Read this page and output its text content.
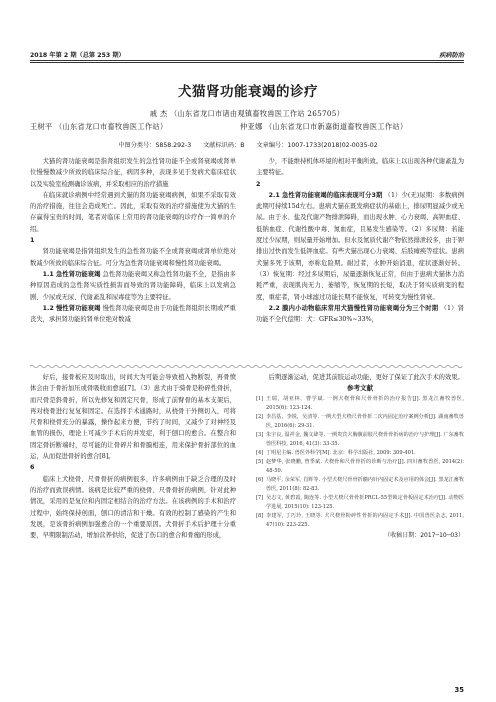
2018 年第 2 期（总第 253 期）	疾病防治
犬猫肾功能衰竭的诊疗
戚 杰 （山东省龙口市诸由观镇畜牧兽医工作站 265705）
王树平 （山东省龙口市畜牧兽医工作站）	仲亚娜 （山东省龙口市新嘉街道畜牧兽医工作站）
中图分类号：S858.292-3 文献标识码：B 文章编号：1007-1733(2018)02-0035-02

犬猫的肾功能衰竭是指肾组织发生的急性肾功能不全或肾衰竭或肾单位慢慢数减少所致的临床综合征，病因多种，表现多见于发病犬临床症状以及实验室检测确诊该病，并采取相应的治疗措施

在临床就诊病例中经常遇到犬猫的肾功能衰竭病例，如果不采取有效的治疗措施，往往会造成死亡。因此，采取有效的治疗措施使为犬猫的生存赢得宝贵的时间，笔者对临床上常用的肾功能衰竭的诊疗作一简单的介绍。

1

肾功能衰竭是指肾组织发生的急性肾功能不全或肾衰竭或肾单位绝对数减少所致的临床综合征。可分为急性肾功能衰竭和慢性肾功能衰竭。

1.1 急性肾功能衰竭 急性肾功能衰竭又称急性肾功能不全，是指由多种原因造成的急性肾实质性损害而导致的肾功能障碍，临床上以发病急剧、少尿或无尿、代谢紊乱和尿毒症等为主要特征。

1.2 慢性肾功能衰竭 慢性肾功能衰竭是由于功能性肾组织长期或严重丧失，承担肾功能的肾单位绝对数减

少，不能维持机体环境的相对平衡所致。临床上以出现各种代谢紊乱为主要特征。

2

2.1 急性肾功能衰竭的临床表现可分3期 （1）少(无)尿期：多数病例此期可持续15d左右。患病犬猫在既发病症状的基础上，排尿明显减少或无尿。由于水、盐及代谢产物排泄障碍，而出现水肿、心力衰竭、高钾血症、低钠血症、代谢性酸中毒、氮血症，且易发生感染等。（2）多尿期：若能度过少尿期，则尿量开始增加。但水及氮质代谢产物依然排泄较多，由于钾排出过快而发生低钾血症。有些犬猫出现心力衰竭、后肢瘫痪等症状。患病犬猫多死于该期，亦称危险期。耐过者，水肿开始消退，症状逐渐好转。（3）恢复期：经过多尿期后，尿量逐渐恢复正常，但由于患病犬猫体力消耗严重，表现肌肉无力、萎缩等，恢复期的长短，取决于肾实质病变的程度，重症者，肾小球滤过功能长期不能恢复，可转变为慢性肾衰。

2.2 膜内小动物临床常用犬猫慢性肾功能衰竭分为三个时期 （1）肾功能不全代偿期：犬：GFR≤30%~33%，

好后，接骨板应及时取出，时间大为可能会导致植入物断裂，再骨愤体会由于骨折加压或骨吸收而愈延[7]。（3）患犬由于骑骨是粉碎性骨折，而尺骨是斜骨折，所以先修复和固定尺骨，形成了前臂骨的基本支架后，再对桡骨进行复复和固定。在选择手术通路时，从桡骨干外侧切入，可将尺骨和桡骨充分的暴露，操作起来方便，节约了时间，又减少了对神经及血管的损伤，理论上可减少手术后的并发症，利于刨口的愈合。在整合和固定骨折断端时，尽可能的让骨碎片和骨膜相连，用来保护骨折部位的血运，从而促进骨折的愈合[8]。

6

临床上犬桡骨、尺骨骨折的病例很多，许多病例由于缺乏合理的及时的治疗而致误病情。该病是比较严重的桡骨、尺骨骨折的病例，针对此种情况，采用的是复位和内固定相结合的治疗方法。在该病例的手术和治疗过程中，始终保持创面，刨口的清洁和干燥。有效的控制了感染的产生和发展，是该骨折病例加强愈合的一个重要原因。犬骨折手术后护理十分重要，早期限制活动，增加营养供给，促进了伤口的愈合和骨痂的形成，

后期逐渐运动，促进其前肢运动功能，更好了保证了此次手术的效果。

参考文献

[1] 王瑞，胡亚林，曹学斌. 一例犬桡骨和尺骨骨折的治疗报告[J]. 黑龙江畜牧兽医, 2015(6): 123-124.

[2] 李昌基，李锐，吴清等. 一例犬型犬桡尺骨骨折二次内固定治疗案例分析[J]. 湖南畜牧兽医, 2016(6): 29-31.

[3] 朱宇良, 温祥金, 魏文肆等. 一例贵宾犬胸腹前肢尺桡骨骨折病的治疗与护理[J]. 广东畜牧兽医科技, 2016, 41(3): 33-35.

[4] 丁明星主编. 兽医外科学[M]. 北京：科学出版社, 2009: 309-401.

[5] 赵梦华, 张晓鹏, 曾季斌. 犬桡骨和尺骨骨折的诊断与治疗[J]. 四川畜牧兽医, 2014(2): 48-50.

[6] 马晓平, 余荣军, 肖辉等. 小型犬桡尺骨骨折髓内针内固定术及应用的体会[J]. 黑龙江畜牧兽医, 2011(8): 82-83.

[7] 吴志文, 黄碧霞, 陶连等. 小型犬桡尺骨骨折PRCL-55型锁定骨板固定术治疗[J]. 动物医学进展, 2015(10): 123-125.

[8] 李建军, 丁巧玲, 王晓等. 犬尺桡骨粉碎性骨折的内固定手术[J]. 中国兽医杂志, 2011, 47(10): 223-225.

（收稿日期：2017─10─03）

35
